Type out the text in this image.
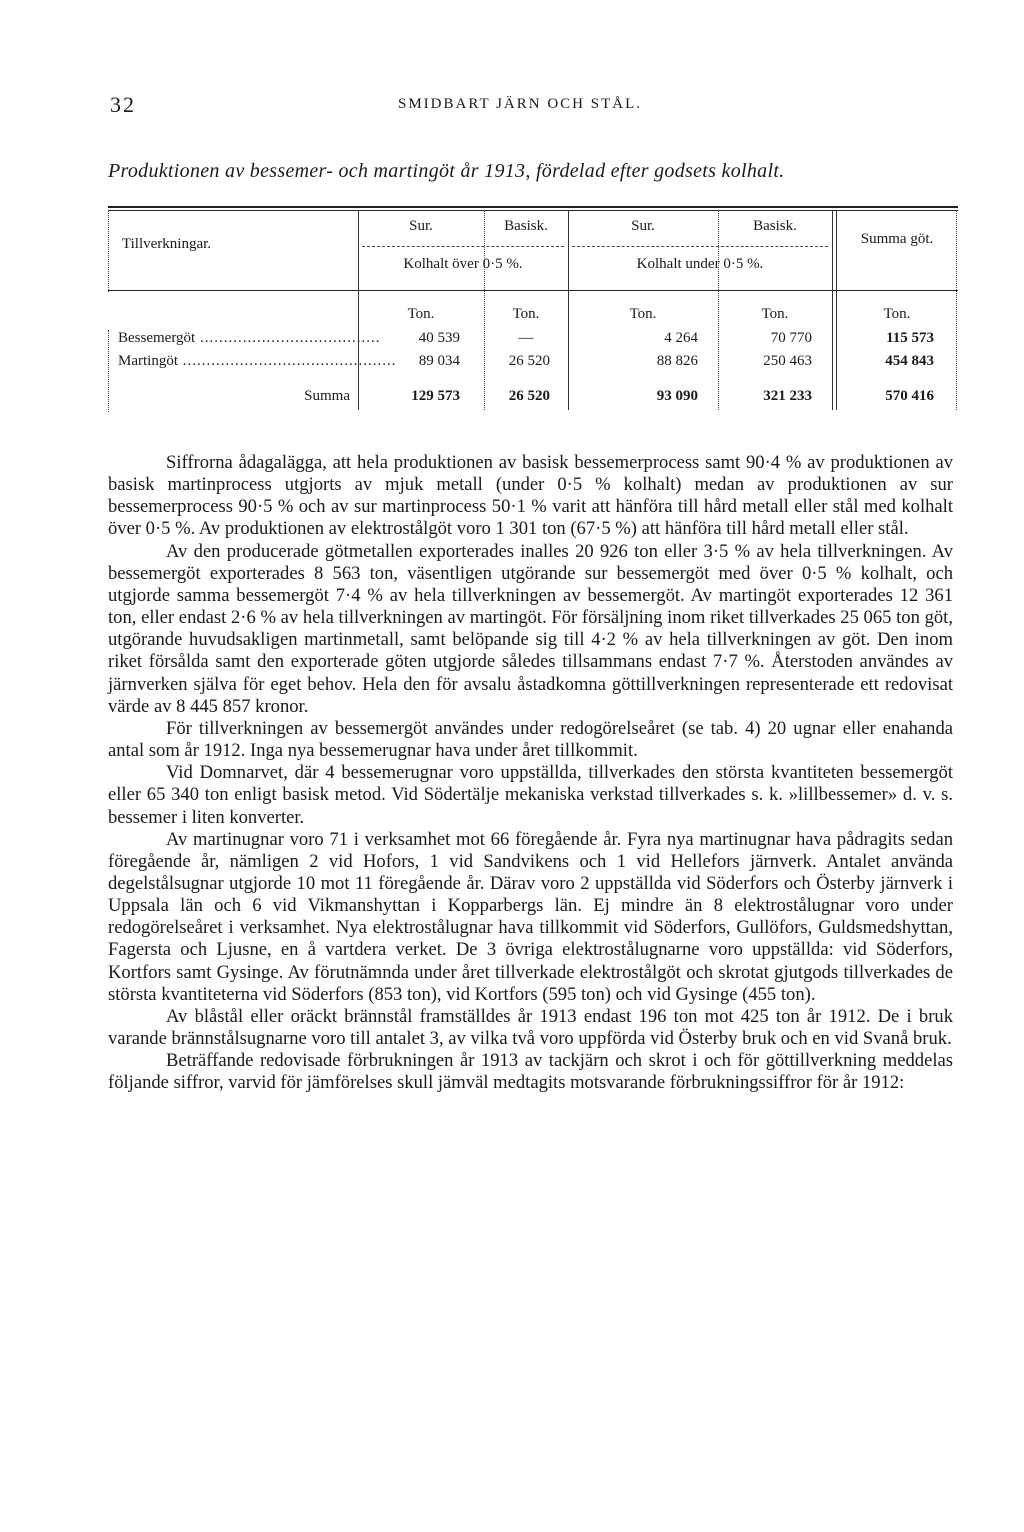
32	SMIDBART JÄRN OCH STÅL.
Produktionen av bessemer- och martingöt år 1913, fördelad efter godsets kolhalt.
Tillverkningar.
Sur.	Basisk.	Sur.	Basisk.
Summa göt.
Kolhalt över 0·5 %.	Kolhalt under 0·5 %.
Ton.	Ton.	Ton.	Ton.	Ton.
Bessemergöt ......................................	40 539	—	4 264	70 770	115 573
Martingöt .............................................	89 034	26 520	88 826	250 463	454 843
Summa	129 573	26 520	93 090	321 233	570 416

Siffrorna ådagalägga, att hela produktionen av basisk bessemerprocess samt 90·4 % av produktionen av basisk martinprocess utgjorts av mjuk metall (under 0·5 % kolhalt) medan av produktionen av sur bessemerprocess 90·5 % och av sur martinprocess 50·1 % varit att hänföra till hård metall eller stål med kolhalt över 0·5 %. Av produktionen av elektrostålgöt voro 1 301 ton (67·5 %) att hänföra till hård metall eller stål.

Av den producerade götmetallen exporterades inalles 20 926 ton eller 3·5 % av hela tillverkningen. Av bessemergöt exporterades 8 563 ton, väsentligen utgörande sur bessemergöt med över 0·5 % kolhalt, och utgjorde samma bessemergöt 7·4 % av hela tillverkningen av bessemergöt. Av martingöt exporterades 12 361 ton, eller endast 2·6 % av hela tillverkningen av martingöt. För försäljning inom riket tillverkades 25 065 ton göt, utgörande huvudsakligen martinmetall, samt belöpande sig till 4·2 % av hela tillverkningen av göt. Den inom riket försålda samt den exporterade göten utgjorde således tillsammans endast 7·7 %. Återstoden användes av järnverken själva för eget behov. Hela den för avsalu åstadkomna göttillverkningen representerade ett redovisat värde av 8 445 857 kronor.

För tillverkningen av bessemergöt användes under redogörelseåret (se tab. 4) 20 ugnar eller enahanda antal som år 1912. Inga nya bessemerugnar hava under året tillkommit.

Vid Domnarvet, där 4 bessemerugnar voro uppställda, tillverkades den största kvantiteten bessemergöt eller 65 340 ton enligt basisk metod. Vid Södertälje mekaniska verkstad tillverkades s. k. »lillbessemer» d. v. s. bessemer i liten konverter.

Av martinugnar voro 71 i verksamhet mot 66 föregående år. Fyra nya martinugnar hava pådragits sedan föregående år, nämligen 2 vid Hofors, 1 vid Sandvikens och 1 vid Hellefors järnverk. Antalet använda degelstålsugnar utgjorde 10 mot 11 föregående år. Därav voro 2 uppställda vid Söderfors och Österby järnverk i Uppsala län och 6 vid Vikmanshyttan i Kopparbergs län. Ej mindre än 8 elektrostålugnar voro under redogörelseåret i verksamhet. Nya elektrostålugnar hava tillkommit vid Söderfors, Gullöfors, Guldsmedshyttan, Fagersta och Ljusne, en å vartdera verket. De 3 övriga elektrostålugnarne voro uppställda: vid Söderfors, Kortfors samt Gysinge. Av förutnämnda under året tillverkade elektrostålgöt och skrotat gjutgods tillverkades de största kvantiteterna vid Söderfors (853 ton), vid Kortfors (595 ton) och vid Gysinge (455 ton).

Av blåstål eller oräckt brännstål framställdes år 1913 endast 196 ton mot 425 ton år 1912. De i bruk varande brännstålsugnarne voro till antalet 3, av vilka två voro uppförda vid Österby bruk och en vid Svanå bruk.

Beträffande redovisade förbrukningen år 1913 av tackjärn och skrot i och för göttillverkning meddelas följande siffror, varvid för jämförelses skull jämväl medtagits motsvarande förbrukningssiffror för år 1912:
